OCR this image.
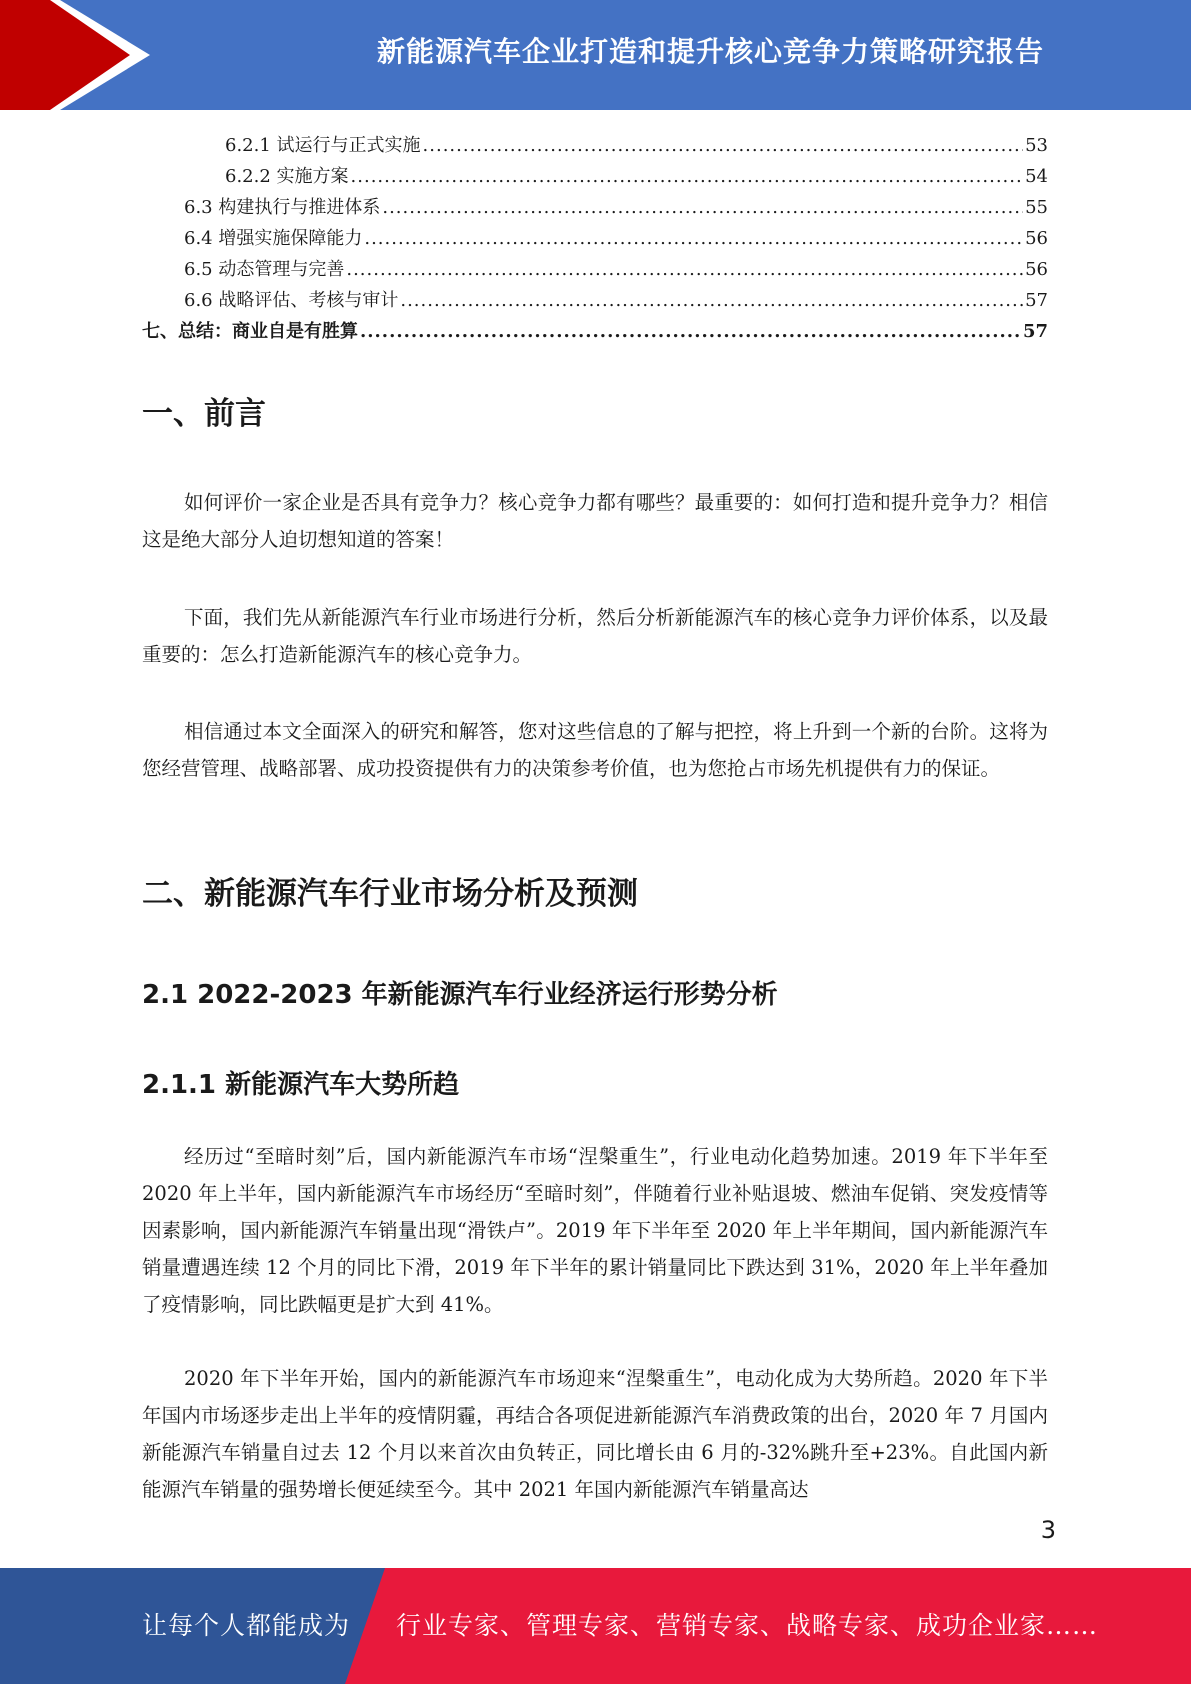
新能源汽车企业打造和提升核心竞争力策略研究报告
6.2.1 试运行与正式实施 .....	53
6.2.2 实施方案 .....	54
6.3 构建执行与推进体系 .....	55
6.4 增强实施保障能力 .....	56
6.5 动态管理与完善 .....	56
6.6 战略评估、考核与审计 .....	57
七、总结：商业自是有胜算 .....	57
一、前言

如何评价一家企业是否具有竞争力？核心竞争力都有哪些？最重要的：如何打造和提升竞争力？相信这是绝大部分人迫切想知道的答案！

下面，我们先从新能源汽车行业市场进行分析，然后分析新能源汽车的核心竞争力评价体系，以及最重要的：怎么打造新能源汽车的核心竞争力。

相信通过本文全面深入的研究和解答，您对这些信息的了解与把控，将上升到一个新的台阶。这将为您经营管理、战略部署、成功投资提供有力的决策参考价值，也为您抢占市场先机提供有力的保证。

二、新能源汽车行业市场分析及预测
2.1 2022-2023 年新能源汽车行业经济运行形势分析
2.1.1 新能源汽车大势所趋

经历过“至暗时刻”后，国内新能源汽车市场“涅槃重生”，行业电动化趋势加速。2019 年下半年至 2020 年上半年，国内新能源汽车市场经历“至暗时刻”，伴随着行业补贴退坡、燃油车促销、突发疫情等因素影响，国内新能源汽车销量出现“滑铁卢”。2019 年下半年至 2020 年上半年期间，国内新能源汽车销量遭遇连续 12 个月的同比下滑，2019 年下半年的累计销量同比下跌达到 31%，2020 年上半年叠加了疫情影响，同比跌幅更是扩大到 41%。

2020 年下半年开始，国内的新能源汽车市场迎来“涅槃重生”，电动化成为大势所趋。2020 年下半年国内市场逐步走出上半年的疫情阴霾，再结合各项促进新能源汽车消费政策的出台，2020 年 7 月国内新能源汽车销量自过去 12 个月以来首次由负转正，同比增长由 6 月的-32%跳升至+23%。自此国内新能源汽车销量的强势增长便延续至今。其中 2021 年国内新能源汽车销量高达

3
让每个人都能成为 行业专家、管理专家、营销专家、战略专家、成功企业家……
